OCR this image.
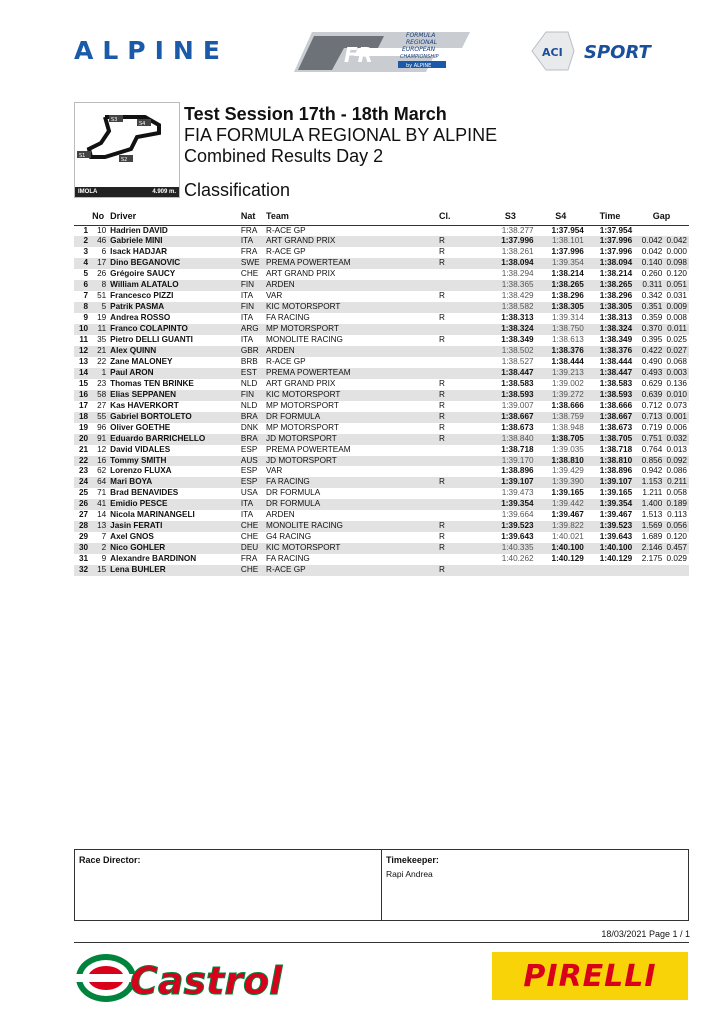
ALPINE	FR
FORMULA
REGIONAL
EUROPEAN
CHAMPIONSHIP
by ALPINE
ACI SPORT
S3
S4
S1
S2
IMOLA	4.909 m.
Test Session 17th - 18th March
FIA FORMULA REGIONAL BY ALPINE
Combined Results Day 2
Classification
	No	Driver	Nat	Team	Cl.	S3	S4	Time	Gap	
1	10	Hadrien DAVID	FRA	R-ACE GP		1:38.277	1:37.954	1:37.954		
2	46	Gabriele MINI	ITA	ART GRAND PRIX	R	1:37.996	1:38.101	1:37.996	0.042	0.042
3	6	Isack HADJAR	FRA	R-ACE GP	R	1:38.261	1:37.996	1:37.996	0.042	0.000
4	17	Dino BEGANOVIC	SWE	PREMA POWERTEAM	R	1:38.094	1:39.354	1:38.094	0.140	0.098
5	26	Grégoire SAUCY	CHE	ART GRAND PRIX		1:38.294	1:38.214	1:38.214	0.260	0.120
6	8	William ALATALO	FIN	ARDEN		1:38.365	1:38.265	1:38.265	0.311	0.051
7	51	Francesco PIZZI	ITA	VAR	R	1:38.429	1:38.296	1:38.296	0.342	0.031
8	5	Patrik PASMA	FIN	KIC MOTORSPORT		1:38.582	1:38.305	1:38.305	0.351	0.009
9	19	Andrea ROSSO	ITA	FA RACING	R	1:38.313	1:39.314	1:38.313	0.359	0.008
10	11	Franco COLAPINTO	ARG	MP MOTORSPORT		1:38.324	1:38.750	1:38.324	0.370	0.011
11	35	Pietro DELLI GUANTI	ITA	MONOLITE RACING	R	1:38.349	1:38.613	1:38.349	0.395	0.025
12	21	Alex QUINN	GBR	ARDEN		1:38.502	1:38.376	1:38.376	0.422	0.027
13	22	Zane MALONEY	BRB	R-ACE GP		1:38.527	1:38.444	1:38.444	0.490	0.068
14	1	Paul ARON	EST	PREMA POWERTEAM		1:38.447	1:39.213	1:38.447	0.493	0.003
15	23	Thomas TEN BRINKE	NLD	ART GRAND PRIX	R	1:38.583	1:39.002	1:38.583	0.629	0.136
16	58	Elias SEPPANEN	FIN	KIC MOTORSPORT	R	1:38.593	1:39.272	1:38.593	0.639	0.010
17	27	Kas HAVERKORT	NLD	MP MOTORSPORT	R	1:39.007	1:38.666	1:38.666	0.712	0.073
18	55	Gabriel BORTOLETO	BRA	DR FORMULA	R	1:38.667	1:38.759	1:38.667	0.713	0.001
19	96	Oliver GOETHE	DNK	MP MOTORSPORT	R	1:38.673	1:38.948	1:38.673	0.719	0.006
20	91	Eduardo BARRICHELLO	BRA	JD MOTORSPORT	R	1:38.840	1:38.705	1:38.705	0.751	0.032
21	12	David VIDALES	ESP	PREMA POWERTEAM		1:38.718	1:39.035	1:38.718	0.764	0.013
22	16	Tommy SMITH	AUS	JD MOTORSPORT		1:39.170	1:38.810	1:38.810	0.856	0.092
23	62	Lorenzo FLUXA	ESP	VAR		1:38.896	1:39.429	1:38.896	0.942	0.086
24	64	Mari BOYA	ESP	FA RACING	R	1:39.107	1:39.390	1:39.107	1.153	0.211
25	71	Brad BENAVIDES	USA	DR FORMULA		1:39.473	1:39.165	1:39.165	1.211	0.058
26	41	Emidio PESCE	ITA	DR FORMULA		1:39.354	1:39.442	1:39.354	1.400	0.189
27	14	Nicola MARINANGELI	ITA	ARDEN		1:39.664	1:39.467	1:39.467	1.513	0.113
28	13	Jasin FERATI	CHE	MONOLITE RACING	R	1:39.523	1:39.822	1:39.523	1.569	0.056
29	7	Axel GNOS	CHE	G4 RACING	R	1:39.643	1:40.021	1:39.643	1.689	0.120
30	2	Nico GOHLER	DEU	KIC MOTORSPORT	R	1:40.335	1:40.100	1:40.100	2.146	0.457
31	9	Alexandre BARDINON	FRA	FA RACING		1:40.262	1:40.129	1:40.129	2.175	0.029
32	15	Lena BUHLER	CHE	R-ACE GP	R					
Race Director:	Timekeeper:
Rapi Andrea
18/03/2021 Page 1 / 1
Castrol	PIRELLI
